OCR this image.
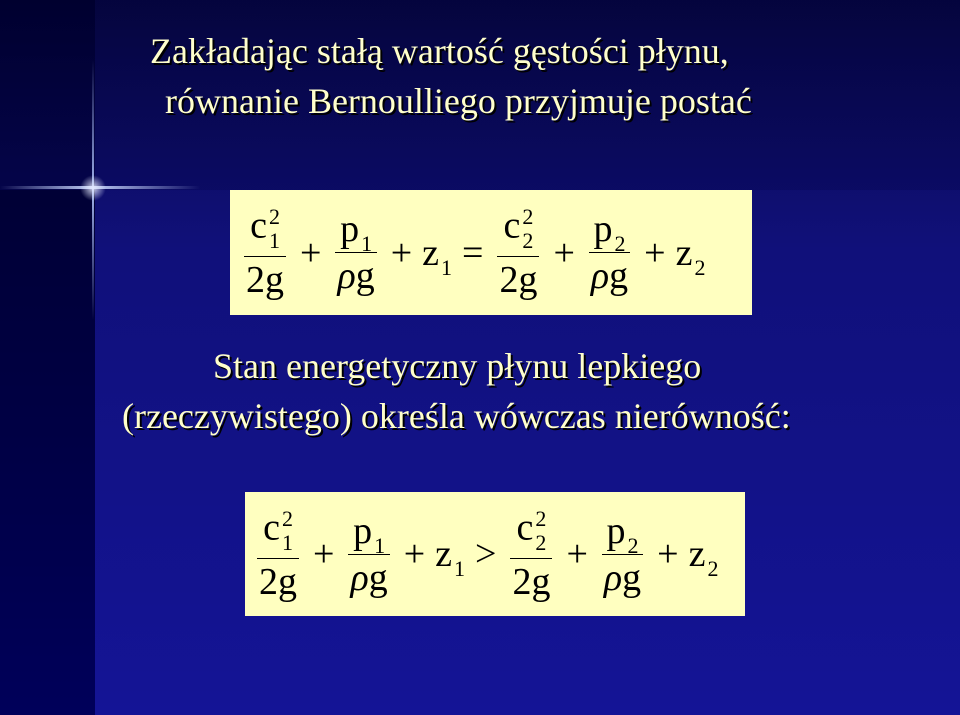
Zakładając stałą wartość gęstości płynu,
równanie Bernoulliego przyjmuje postać
c 2
1
$2g + \frac{p_1}{\rho g} + z_1 = c$ 2
2
$2g + \frac{p_2}{\rho g} + z_2$
Stan energetyczny płynu lepkiego
(rzeczywistego) określa wówczas nierówność:
c 2
1
$2g + \frac{p_1}{\rho g} + z_1 > c$ 2
2
$2g + \frac{p_2}{\rho g} + z_2$
